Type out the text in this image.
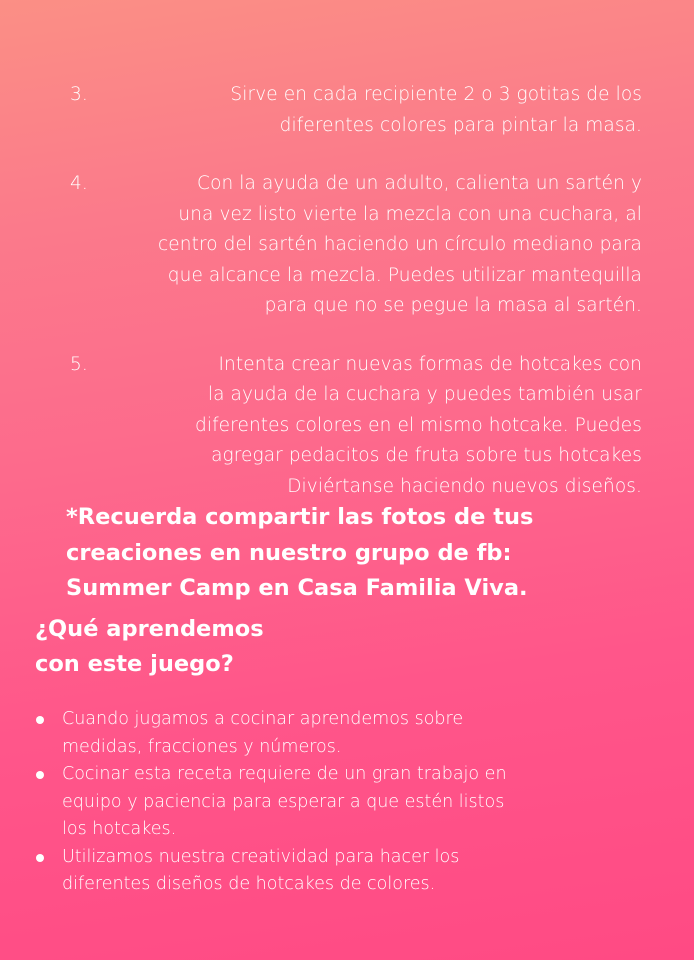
3.	Sirve en cada recipiente 2 o 3 gotitas de los
diferentes colores para pintar la masa.
4.	Con la ayuda de un adulto, calienta un sartén y
una vez listo vierte la mezcla con una cuchara, al
centro del sartén haciendo un círculo mediano para
que alcance la mezcla. Puedes utilizar mantequilla
para que no se pegue la masa al sartén.
5.	Intenta crear nuevas formas de hotcakes con
la ayuda de la cuchara y puedes también usar
diferentes colores en el mismo hotcake. Puedes
agregar pedacitos de fruta sobre tus hotcakes
Diviértanse haciendo nuevos diseños.
*Recuerda compartir las fotos de tus
creaciones en nuestro grupo de fb:
Summer Camp en Casa Familia Viva.
¿Qué aprendemos
con este juego?
Cuando jugamos a cocinar aprendemos sobre
medidas, fracciones y números.
Cocinar esta receta requiere de un gran trabajo en
equipo y paciencia para esperar a que estén listos
los hotcakes.
Utilizamos nuestra creatividad para hacer los
diferentes diseños de hotcakes de colores.
